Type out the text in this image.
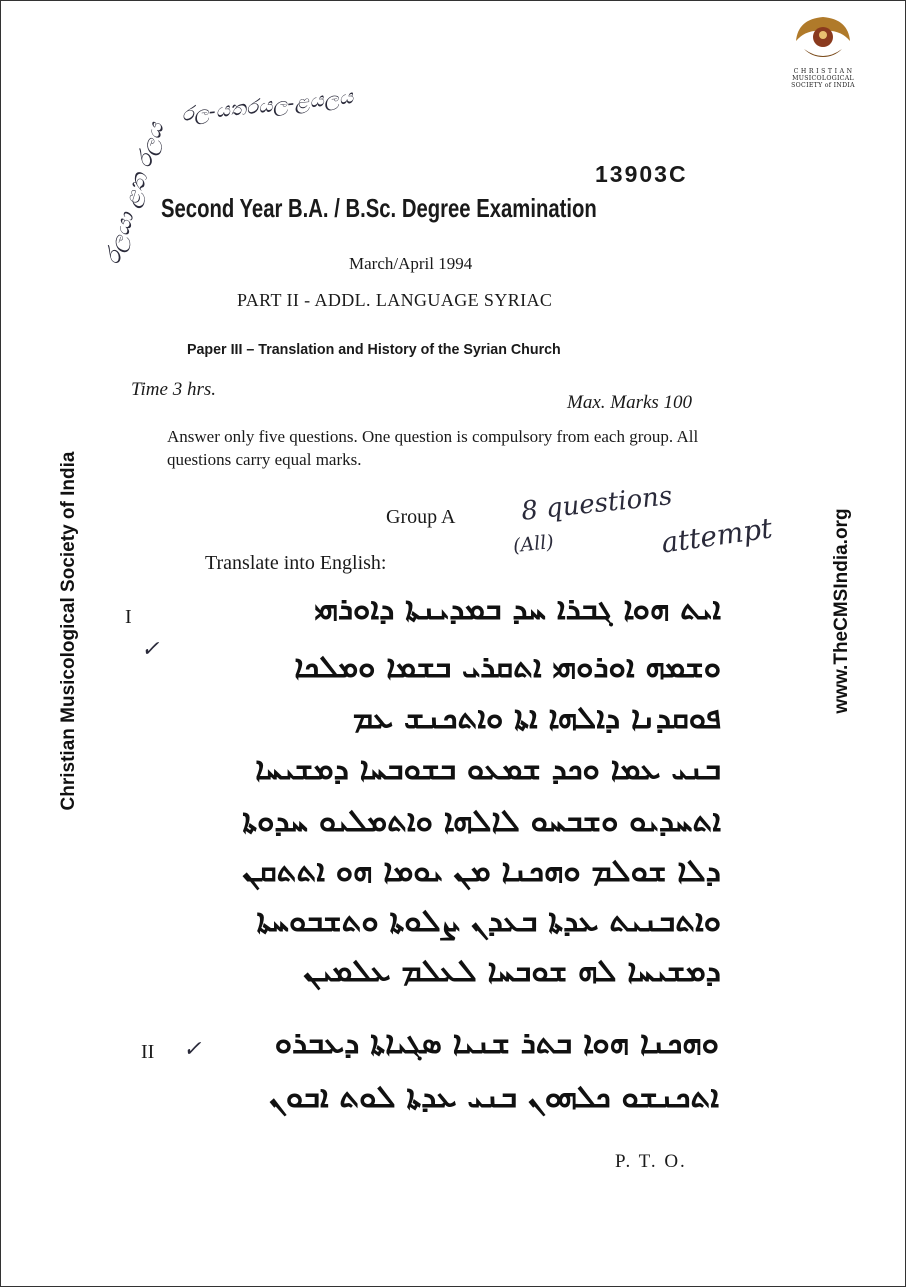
C H R I S T I A N
MUSICOLOGICAL
SOCIETY of INDIA
Christian Musicological Society of India	www.TheCMSIndia.org
රල-යතරයල-ළයලය
රලයා ළත රලය	13903C
Second Year B.A. / B.Sc. Degree Examination
March/April 1994
PART II - ADDL. LANGUAGE SYRIAC
Paper III – Translation and History of the Syrian Church
Time 3 hrs.
Max. Marks 100
Answer only five questions. One question is compulsory from each group. All questions carry equal marks.
Group A 8 questions
(All)	attempt
Translate into English:
I
✓
ܐܝܬ ܗܘܐ ܓܒܪܐ ܚܕ ܒܡܕܝܢܬܐ ܕܐܘܪܗܝ
ܘܫܡܗ ܐܘܪܘܗܝ ܐܬܩܪܝ ܒܫܡܐ ܘܡܠܟܐ
ܦܘܩܕܢܐ ܕܐܠܗܐ ܐܬܐ ܘܐܬܟܢܫ ܥܡ
ܒܢܝ ܥܡܐ ܘܟܕ ܫܡܥܘ ܒܫܘܒܚܐ ܕܡܫܝܚܐ
ܐܬܚܕܝܘ ܘܫܒܚܘ ܠܐܠܗܐ ܘܐܬܡܠܝܘ ܚܕܘܬܐ
ܕܠܐ ܫܘܠܡ ܘܗܟܢܐ ܡܢ ܝܘܡܐ ܗܘ ܐܬܬܩܢ
ܘܐܬܒܢܝܬ ܥܕܬܐ ܒܥܕܢ ܨܠܘܬܐ ܘܬܫܒܘܚܬܐ
ܕܡܫܝܚܐ ܠܗ ܫܘܒܚܐ ܠܥܠܡ ܥܠܡܝܢ
II ✓	ܘܗܟܢܐ ܗܘܐ ܒܬܪ ܫܢܝܐ ܣܓܝܐܬܐ ܕܥܒܪܘ
ܐܬܟܢܫܘ ܟܠܗܘܢ ܒܢܝ ܥܕܬܐ ܠܘܬ ܐܒܘܢ
P. T. O.
